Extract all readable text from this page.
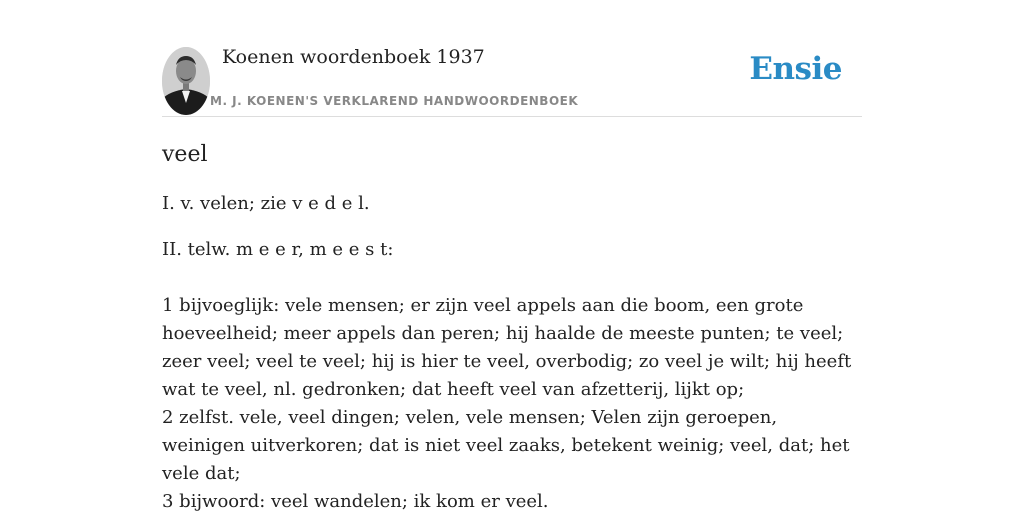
Koenen woordenboek 1937
M. J. KOENEN'S VERKLAREND HANDWOORDENBOEK
Ensie
veel

I. v. velen; zie v e d e l.

II. telw. m e e r, m e e s t:

1 bijvoeglijk: vele mensen; er zijn veel appels aan die boom, een grote hoeveelheid; meer appels dan peren; hij haalde de meeste punten; te veel; zeer veel; veel te veel; hij is hier te veel, overbodig; zo veel je wilt; hij heeft wat te veel, nl. gedronken; dat heeft veel van afzetterij, lijkt op;
2 zelfst. vele, veel dingen; velen, vele mensen; Velen zijn geroepen, weinigen uitverkoren; dat is niet veel zaaks, betekent weinig; veel, dat; het vele dat;
3 bijwoord: veel wandelen; ik kom er veel.
